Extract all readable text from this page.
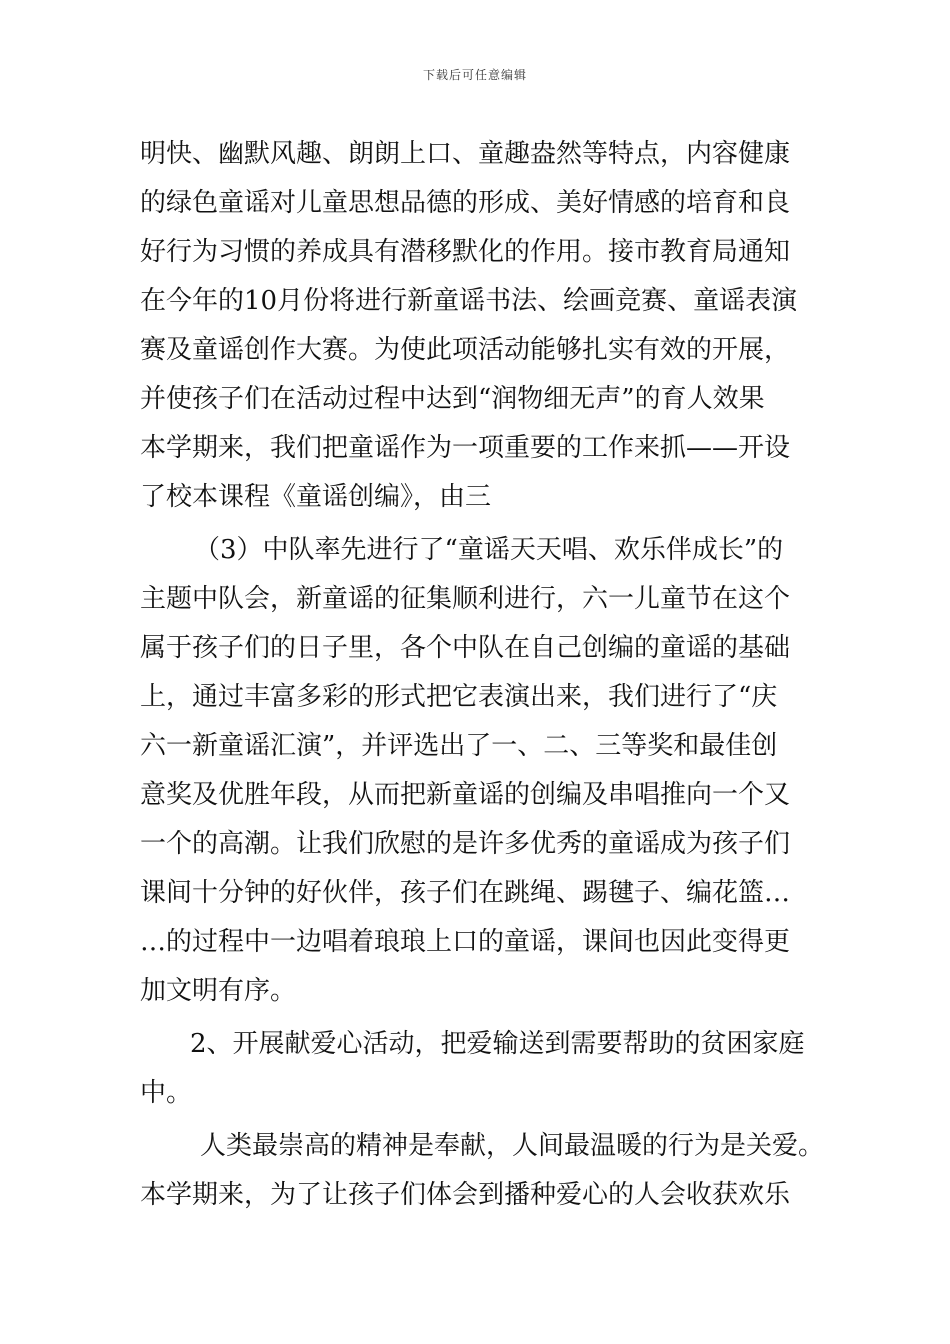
下载后可任意编辑
明快、幽默风趣、朗朗上口、童趣盎然等特点，内容健康
的绿色童谣对儿童思想品德的形成、美好情感的培育和良
好行为习惯的养成具有潜移默化的作用。接市教育局通知
在今年的10月份将进行新童谣书法、绘画竞赛、童谣表演
赛及童谣创作大赛。为使此项活动能够扎实有效的开展，
并使孩子们在活动过程中达到“润物细无声”的育人效果
本学期来，我们把童谣作为一项重要的工作来抓——开设
了校本课程《童谣创编》，由三
（3）中队率先进行了“童谣天天唱、欢乐伴成长”的
主题中队会，新童谣的征集顺利进行，六一儿童节在这个
属于孩子们的日子里，各个中队在自己创编的童谣的基础
上，通过丰富多彩的形式把它表演出来，我们进行了“庆
六一新童谣汇演”，并评选出了一、二、三等奖和最佳创
意奖及优胜年段，从而把新童谣的创编及串唱推向一个又
一个的高潮。让我们欣慰的是许多优秀的童谣成为孩子们
课间十分钟的好伙伴，孩子们在跳绳、踢毽子、编花篮…
…的过程中一边唱着琅琅上口的童谣，课间也因此变得更
加文明有序。
2、开展献爱心活动，把爱输送到需要帮助的贫困家庭
中。
人类最崇高的精神是奉献，人间最温暖的行为是关爱。
本学期来，为了让孩子们体会到播种爱心的人会收获欢乐
